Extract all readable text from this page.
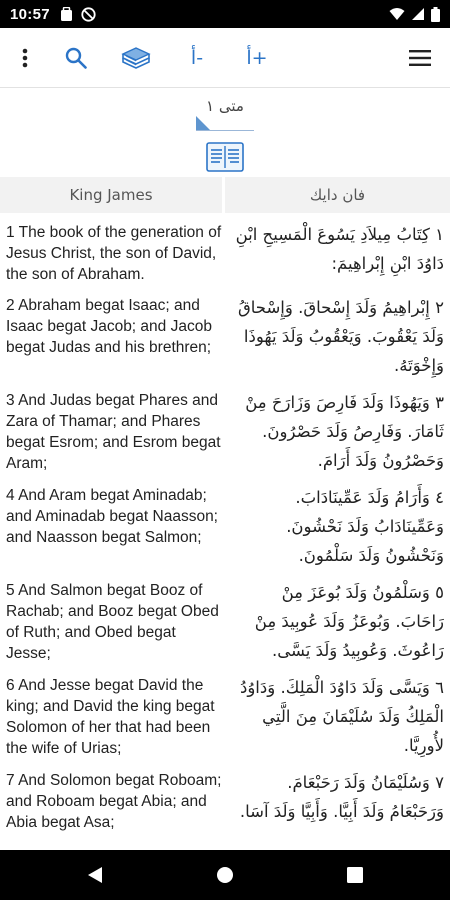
10:57
أ- أ+
متى ١
King James	فان دايك
1 The book of the generation of Jesus Christ, the son of David, the son of Abraham.
١ كِتَابُ مِيلاَدِ يَسُوعَ الْمَسِيحِ ابْنِ دَاوُدَ ابْنِ إِبْراهِيمَ:
2 Abraham begat Isaac; and Isaac begat Jacob; and Jacob begat Judas and his brethren;
٢ إِبْراهِيمُ وَلَدَ إِسْحاقَ. وَإِسْحاقُ وَلَدَ يَعْقُوبَ. وَيَعْقُوبُ وَلَدَ يَهُوذَا وَإِخْوَتَهُ.
3 And Judas begat Phares and Zara of Thamar; and Phares begat Esrom; and Esrom begat Aram;
٣ وَيَهُوذَا وَلَدَ فَارِصَ وَزَارَحَ مِنْ ثَامَارَ. وَفَارِصُ وَلَدَ حَصْرُونَ. وَحَصْرُونُ وَلَدَ أَرَامَ.
4 And Aram begat Aminadab; and Aminadab begat Naasson; and Naasson begat Salmon;
٤ وَأَرَامُ وَلَدَ عَمِّينَادَابَ. وَعَمِّينَادَابُ وَلَدَ نَحْشُونَ. وَنَحْشُونُ وَلَدَ سَلْمُونَ.
5 And Salmon begat Booz of Rachab; and Booz begat Obed of Ruth; and Obed begat Jesse;
٥ وَسَلْمُونُ وَلَدَ بُوعَزَ مِنْ رَاحَابَ. وَبُوعَزُ وَلَدَ عُوبِيدَ مِنْ رَاعُوثَ. وَعُوبِيدُ وَلَدَ يَسَّى.
6 And Jesse begat David the king; and David the king begat Solomon of her that had been the wife of Urias;
٦ وَيَسَّى وَلَدَ دَاوُدَ الْمَلِكَ. وَدَاوُدُ الْمَلِكُ وَلَدَ سُلَيْمَانَ مِنَ الَّتِي لأُورِيَّا.
7 And Solomon begat Roboam; and Roboam begat Abia; and Abia begat Asa;
٧ وَسُلَيْمَانُ وَلَدَ رَحَبْعَامَ. وَرَحَبْعَامُ وَلَدَ أَبِيَّا. وَأَبِيَّا وَلَدَ آسَا.
